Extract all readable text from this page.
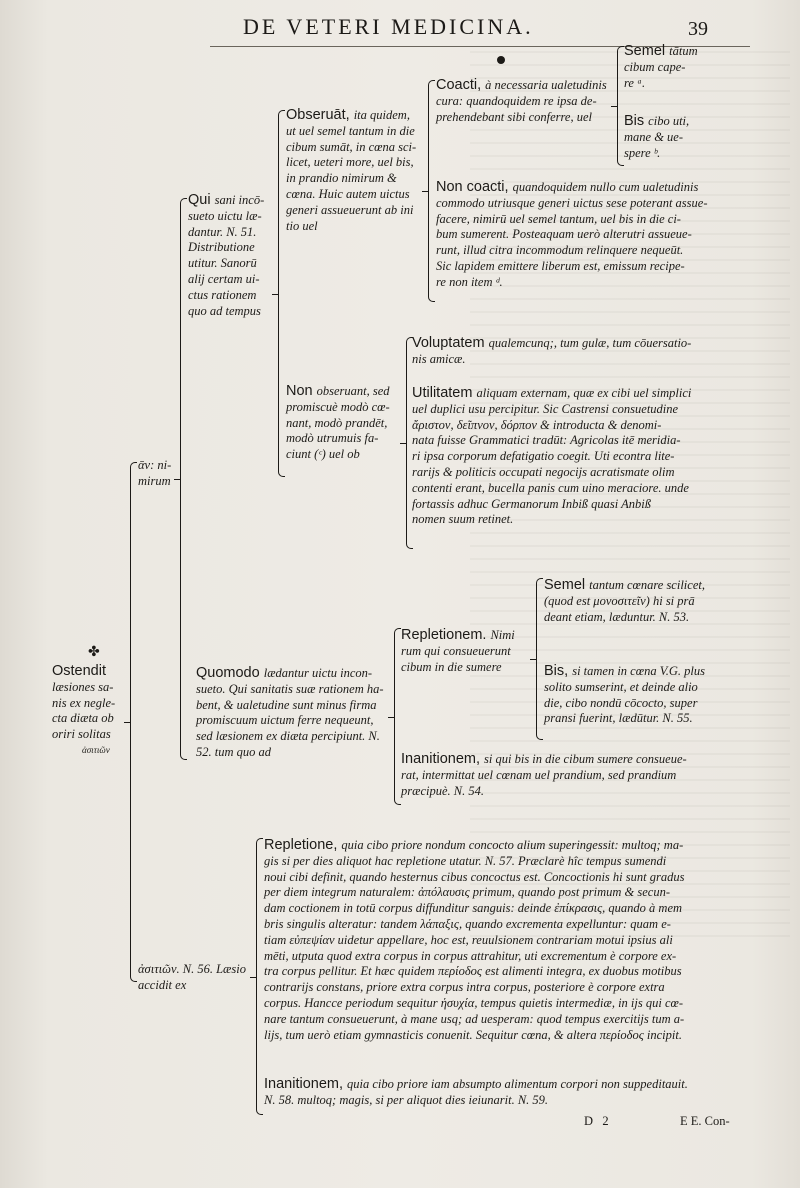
DE VETERI MEDICINA.	39
✤
Ostendit
læsiones sa-
nis ex negle-
cta diæta ob
oriri solitas
ἀσιτιῶν
ᾱν: ni-
mirum
Qui sani incō-
sueto uictu læ-
dantur. N. 51.
Distributione
utitur. Sanorū
alij certam ui-
ctus rationem
quo ad tempus
Obseruāt, ita quidem,
ut uel semel tantum in die
cibum sumāt, in cœna sci-
licet, ueteri more, uel bis,
in prandio nimirum &
cœna. Huic autem uictus
generi assueuerunt ab ini
tio uel
Coacti, à necessaria ualetudinis
cura: quandoquidem re ipsa de-
prehendebant sibi conferre, uel
Semel tātum
cibum cape-
re ᵃ.
Bis cibo uti,
mane & ue-
spere ᵇ.
Non coacti, quandoquidem nullo cum ualetudinis
commodo utriusque generi uictus sese poterant assue-
facere, nimirū uel semel tantum, uel bis in die ci-
bum sumerent. Posteaquam uerò alterutri assueue-
runt, illud citra incommodum relinquere nequeūt.
Sic lapidem emittere liberum est, emissum recipe-
re non item ᵈ.
Non obseruant, sed
promiscuè modò cœ-
nant, modò prandēt,
modò utrumuis fa-
ciunt (ᶜ) uel ob
Voluptatem qualemcunq;, tum gulæ, tum cōuersatio-
nis amicæ.
Utilitatem aliquam externam, quæ ex cibi uel simplici
uel duplici usu percipitur. Sic Castrensi consuetudine
ἄριστον, δεῖπνον, δόρπον & introducta & denomi-
nata fuisse Grammatici tradūt: Agricolas itē meridia-
ri ipsa corporum defatigatio coegit. Uti econtra lite-
rarijs & politicis occupati negocijs acratismate olim
contenti erant, bucella panis cum uino meraciore. unde
fortassis adhuc Germanorum Inbiß quasi Anbiß
nomen suum retinet.
Quomodo lædantur uictu incon-
sueto. Qui sanitatis suæ rationem ha-
bent, & ualetudine sunt minus firma
promiscuum uictum ferre nequeunt,
sed læsionem ex diæta percipiunt. N.
52. tum quo ad
Repletionem. Nimi
rum qui consueuerunt
cibum in die sumere
Semel tantum cœnare scilicet,
(quod est μονοσιτεῖν) hi si prā
deant etiam, læduntur. N. 53.
Bis, si tamen in cœna V.G. plus
solito sumserint, et deinde alio
die, cibo nondū cōcocto, super
pransi fuerint, lædūtur. N. 55.
Inanitionem, si qui bis in die cibum sumere consueue-
rat, intermittat uel cœnam uel prandium, sed prandium
præcipuè. N. 54.
ἀσιτιῶν. N. 56. Læsio
accidit ex
Repletione, quia cibo priore nondum concocto alium superingessit: multoq; ma-
gis si per dies aliquot hac repletione utatur. N. 57. Præclarè hîc tempus sumendi
noui cibi definit, quando hesternus cibus concoctus est. Concoctionis hi sunt gradus
per diem integrum naturalem: ἀπόλαυσις primum, quando post primum & secun-
dam coctionem in totū corpus diffunditur sanguis: deinde ἐπίκρασις, quando à mem
bris singulis alteratur: tandem λάπαξις, quando excrementa expelluntur: quam e-
tiam εὐπεψίαν uidetur appellare, hoc est, reuulsionem contrariam motui ipsius ali
mēti, utputa quod extra corpus in corpus attrahitur, uti excrementum è corpore ex-
tra corpus pellitur. Et hæc quidem περίοδος est alimenti integra, ex duobus motibus
contrarijs constans, priore extra corpus intra corpus, posteriore è corpore extra
corpus. Hancce periodum sequitur ἡσυχία, tempus quietis intermediæ, in ijs qui cœ-
nare tantum consueuerunt, à mane usq; ad uesperam: quod tempus exercitijs tum a-
lijs, tum uerò etiam gymnasticis conuenit. Sequitur cœna, & altera περίοδος incipit.
Inanitionem, quia cibo priore iam absumpto alimentum corpori non suppeditauit.
N. 58. multoq; magis, si per aliquot dies ieiunarit. N. 59.
D   2	E E. Con-
